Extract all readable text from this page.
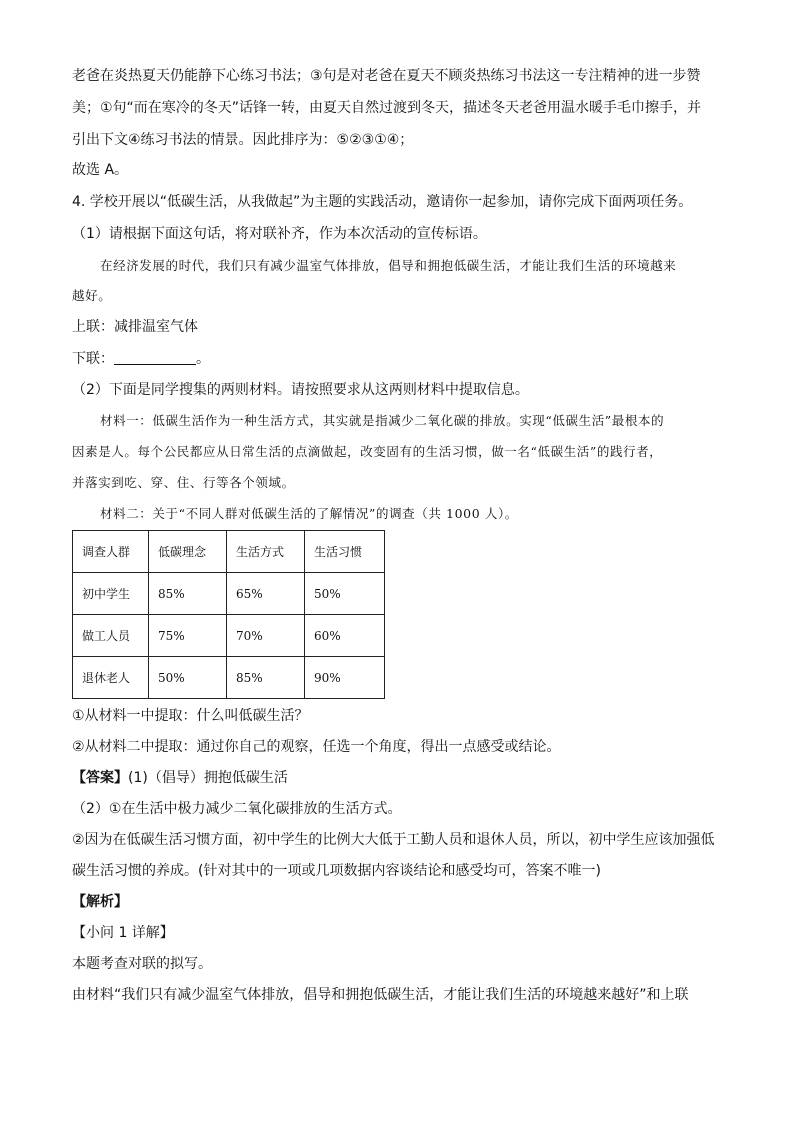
老爸在炎热夏天仍能静下心练习书法；③句是对老爸在夏天不顾炎热练习书法这一专注精神的进一步赞
美；①句“而在寒冷的冬天”话锋一转，由夏天自然过渡到冬天，描述冬天老爸用温水暖手毛巾擦手，并
引出下文④练习书法的情景。因此排序为：⑤②③①④；
故选 A。
4. 学校开展以“低碳生活，从我做起”为主题的实践活动，邀请你一起参加，请你完成下面两项任务。
（1）请根据下面这句话，将对联补齐，作为本次活动的宣传标语。
在经济发展的时代，我们只有减少温室气体排放，倡导和拥抱低碳生活，才能让我们生活的环境越来
越好。
上联：减排温室气体
下联：	。
（2）下面是同学搜集的两则材料。请按照要求从这两则材料中提取信息。
材料一：低碳生活作为一种生活方式，其实就是指减少二氧化碳的排放。实现“低碳生活”最根本的
因素是人。每个公民都应从日常生活的点滴做起，改变固有的生活习惯，做一名“低碳生活”的践行者，
并落实到吃、穿、住、行等各个领域。
材料二：关于“不同人群对低碳生活的了解情况”的调查（共 1000 人）。
调查人群	低碳理念	生活方式	生活习惯
初中学生	85%	65%	50%
做工人员	75%	70%	60%
退休老人	50%	85%	90%
①从材料一中提取：什么叫低碳生活？
②从材料二中提取：通过你自己的观察，任选一个角度，得出一点感受或结论。
【答案】(1)（倡导）拥抱低碳生活
（2）①在生活中极力减少二氧化碳排放的生活方式。
②因为在低碳生活习惯方面，初中学生的比例大大低于工勤人员和退休人员，所以，初中学生应该加强低
碳生活习惯的养成。(针对其中的一项或几项数据内容谈结论和感受均可，答案不唯一)
【解析】
【小问 1 详解】
本题考查对联的拟写。
由材料“我们只有减少温室气体排放，倡导和拥抱低碳生活，才能让我们生活的环境越来越好”和上联
